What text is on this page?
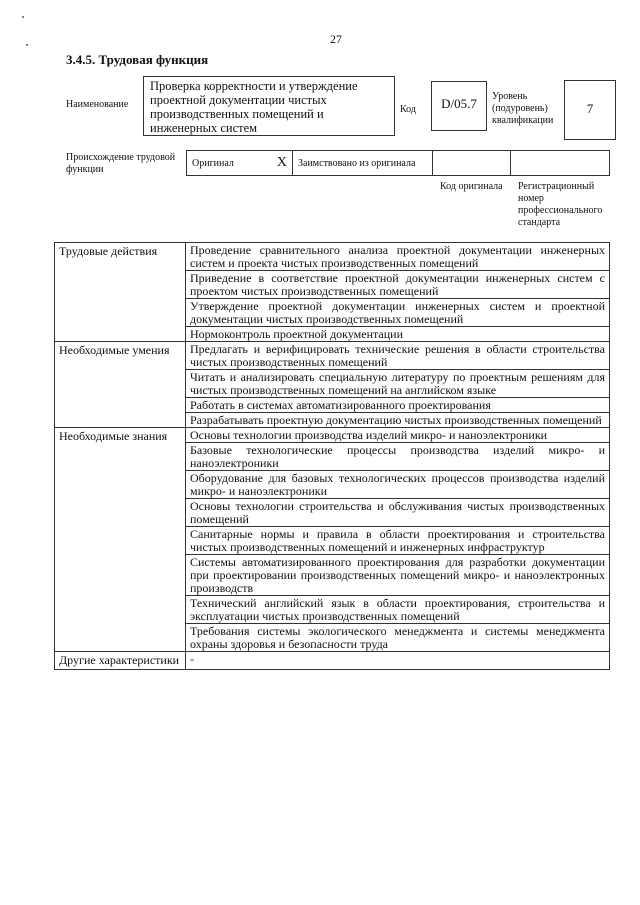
27
3.4.5. Трудовая функция
Наименование
Проверка корректности и утверждение проектной документации чистых производственных помещений и инженерных систем
Код	D/05.7	Уровень (подуровень) квалификации
7
Происхождение трудовой функции
Оригинал	X Заимствовано из оригинала
Код оригинала	Регистрационный номер профессионального стандарта
Трудовые действия	Проведение сравнительного анализа проектной документации инженерных систем и проекта чистых производственных помещений
	Приведение в соответствие проектной документации инженерных систем с проектом чистых производственных помещений
	Утверждение проектной документации инженерных систем и проектной документации чистых производственных помещений
	Нормоконтроль проектной документации
Необходимые умения	Предлагать и верифицировать технические решения в области строительства чистых производственных помещений
	Читать и анализировать специальную литературу по проектным решениям для чистых производственных помещений на английском языке
	Работать в системах автоматизированного проектирования
	Разрабатывать проектную документацию чистых производственных помещений
Необходимые знания	Основы технологии производства изделий микро- и наноэлектроники
	Базовые технологические процессы производства изделий микро- и наноэлектроники
	Оборудование для базовых технологических процессов производства изделий микро- и наноэлектроники
	Основы технологии строительства и обслуживания чистых производственных помещений
	Санитарные нормы и правила в области проектирования и строительства чистых производственных помещений и инженерных инфраструктур
	Системы автоматизированного проектирования для разработки документации при проектировании производственных помещений микро- и наноэлектронных производств
	Технический английский язык в области проектирования, строительства и эксплуатации чистых производственных помещений
	Требования системы экологического менеджмента и системы менеджмента охраны здоровья и безопасности труда
Другие характеристики	-
